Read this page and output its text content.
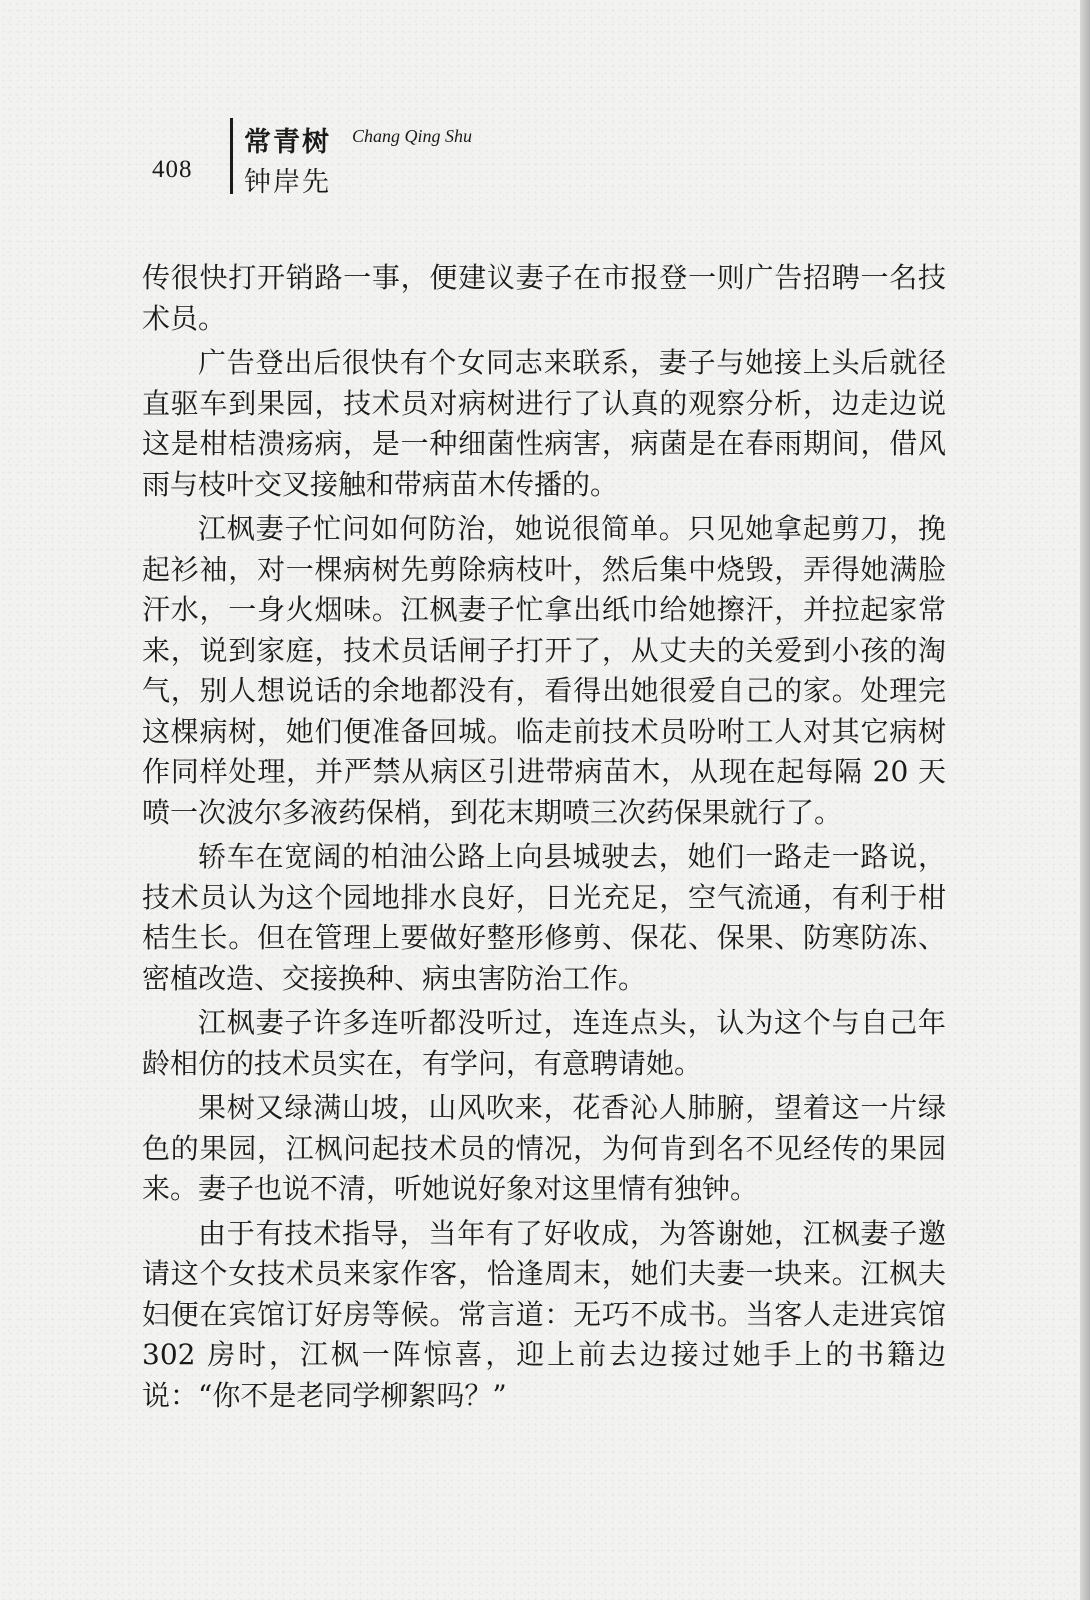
408
常青树 Chang Qing Shu
钟岸先

传很快打开销路一事，便建议妻子在市报登一则广告招聘一名技术员。

广告登出后很快有个女同志来联系，妻子与她接上头后就径直驱车到果园，技术员对病树进行了认真的观察分析，边走边说这是柑桔溃疡病，是一种细菌性病害，病菌是在春雨期间，借风雨与枝叶交叉接触和带病苗木传播的。

江枫妻子忙问如何防治，她说很简单。只见她拿起剪刀，挽起衫袖，对一棵病树先剪除病枝叶，然后集中烧毁，弄得她满脸汗水，一身火烟味。江枫妻子忙拿出纸巾给她擦汗，并拉起家常来，说到家庭，技术员话闸子打开了，从丈夫的关爱到小孩的淘气，别人想说话的余地都没有，看得出她很爱自己的家。处理完这棵病树，她们便准备回城。临走前技术员吩咐工人对其它病树作同样处理，并严禁从病区引进带病苗木，从现在起每隔 20 天喷一次波尔多液药保梢，到花末期喷三次药保果就行了。

轿车在宽阔的柏油公路上向县城驶去，她们一路走一路说，技术员认为这个园地排水良好，日光充足，空气流通，有利于柑桔生长。但在管理上要做好整形修剪、保花、保果、防寒防冻、密植改造、交接换种、病虫害防治工作。

江枫妻子许多连听都没听过，连连点头，认为这个与自己年龄相仿的技术员实在，有学问，有意聘请她。

果树又绿满山坡，山风吹来，花香沁人肺腑，望着这一片绿色的果园，江枫问起技术员的情况，为何肯到名不见经传的果园来。妻子也说不清，听她说好象对这里情有独钟。

由于有技术指导，当年有了好收成，为答谢她，江枫妻子邀请这个女技术员来家作客，恰逢周末，她们夫妻一块来。江枫夫妇便在宾馆订好房等候。常言道：无巧不成书。当客人走进宾馆 302 房时，江枫一阵惊喜，迎上前去边接过她手上的书籍边说：“你不是老同学柳絮吗？”
